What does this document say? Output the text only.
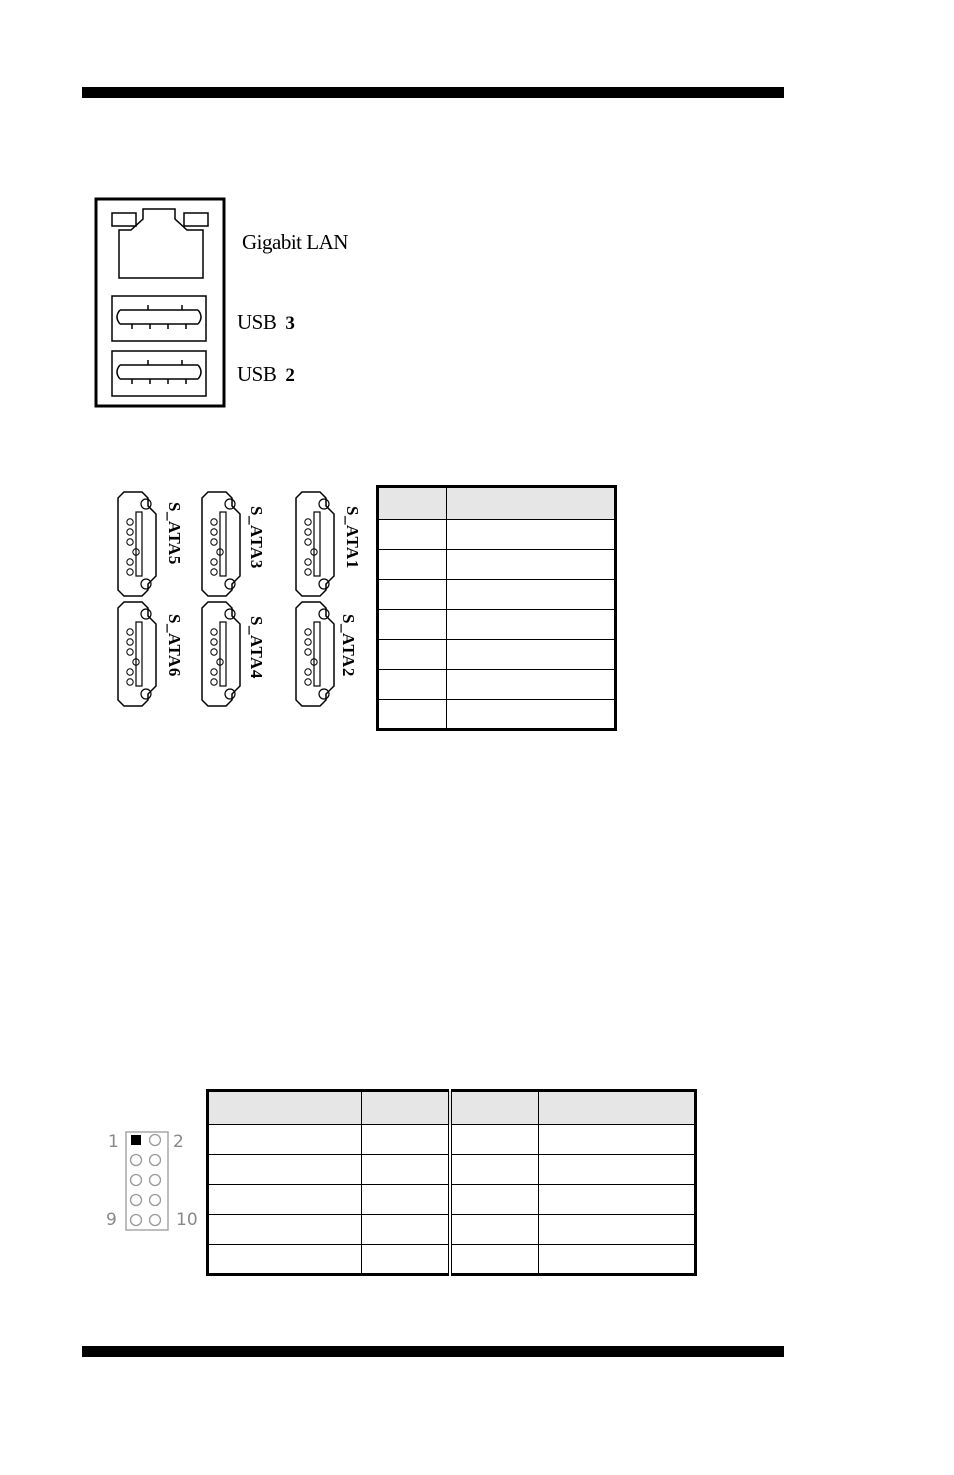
Gigabit LAN
USB 3
USB 2
S_ATA5	S_ATA3	S_ATA1
S_ATA6	S_ATA4	S_ATA2

1	2
9	10
